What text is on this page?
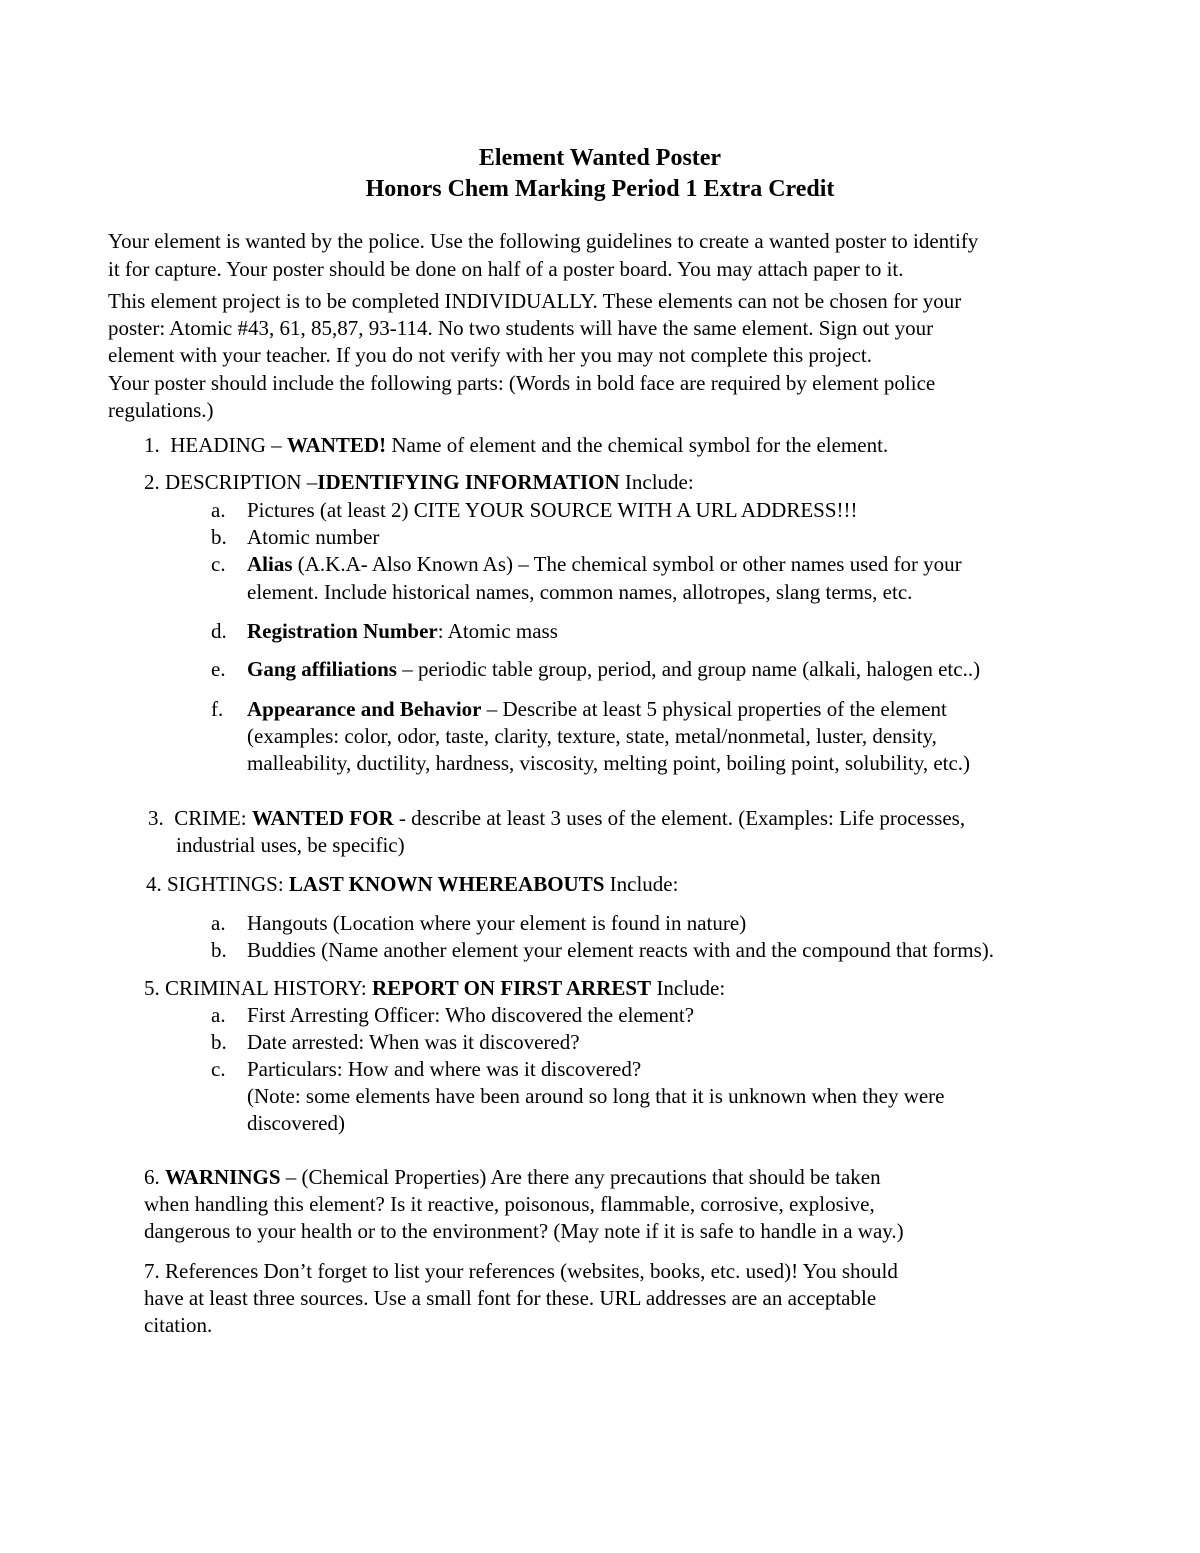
Element Wanted Poster
Honors Chem Marking Period 1 Extra Credit
Your element is wanted by the police. Use the following guidelines to create a wanted poster to identify
it for capture. Your poster should be done on half of a poster board. You may attach paper to it.
This element project is to be completed INDIVIDUALLY. These elements can not be chosen for your
poster: Atomic #43, 61, 85,87, 93-114. No two students will have the same element. Sign out your
element with your teacher. If you do not verify with her you may not complete this project.
Your poster should include the following parts: (Words in bold face are required by element police
regulations.)
1. HEADING – WANTED! Name of element and the chemical symbol for the element.
2. DESCRIPTION –IDENTIFYING INFORMATION Include:
a. Pictures (at least 2) CITE YOUR SOURCE WITH A URL ADDRESS!!!
b. Atomic number
c. Alias (A.K.A- Also Known As) – The chemical symbol or other names used for your
element. Include historical names, common names, allotropes, slang terms, etc.
d. Registration Number: Atomic mass
e. Gang affiliations – periodic table group, period, and group name (alkali, halogen etc..)
f. Appearance and Behavior – Describe at least 5 physical properties of the element
(examples: color, odor, taste, clarity, texture, state, metal/nonmetal, luster, density,
malleability, ductility, hardness, viscosity, melting point, boiling point, solubility, etc.)
3. CRIME: WANTED FOR - describe at least 3 uses of the element. (Examples: Life processes,
industrial uses, be specific)
4. SIGHTINGS: LAST KNOWN WHEREABOUTS Include:
a. Hangouts (Location where your element is found in nature)
b. Buddies (Name another element your element reacts with and the compound that forms).
5. CRIMINAL HISTORY: REPORT ON FIRST ARREST Include:
a. First Arresting Officer: Who discovered the element?
b. Date arrested: When was it discovered?
c. Particulars: How and where was it discovered?
(Note: some elements have been around so long that it is unknown when they were
discovered)
6. WARNINGS – (Chemical Properties) Are there any precautions that should be taken
when handling this element? Is it reactive, poisonous, flammable, corrosive, explosive,
dangerous to your health or to the environment? (May note if it is safe to handle in a way.)
7. References Don’t forget to list your references (websites, books, etc. used)! You should
have at least three sources. Use a small font for these. URL addresses are an acceptable
citation.
